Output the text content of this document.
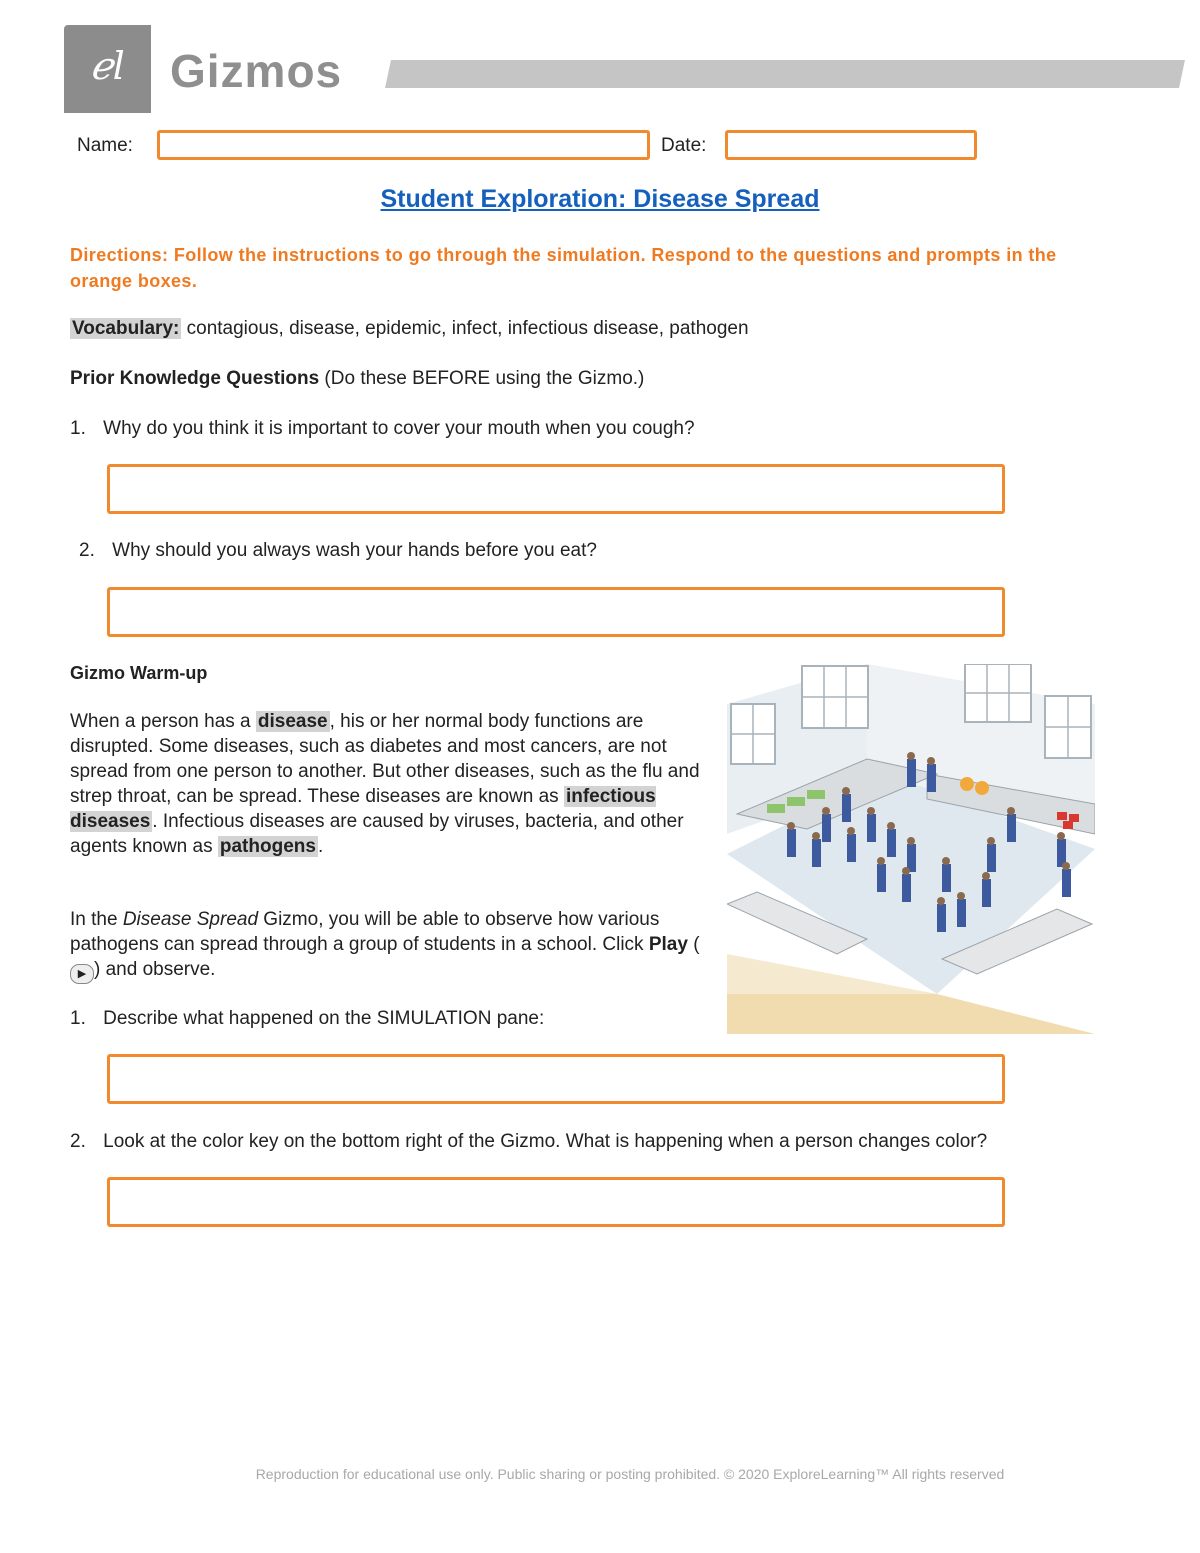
ℯl Gizmos
Name:	Date:
Student Exploration: Disease Spread
Directions: Follow the instructions to go through the simulation. Respond to the questions and prompts in the orange boxes.
Vocabulary: contagious, disease, epidemic, infect, infectious disease, pathogen
Prior Knowledge Questions (Do these BEFORE using the Gizmo.)
1. Why do you think it is important to cover your mouth when you cough?
2. Why should you always wash your hands before you eat?
Gizmo Warm-up
When a person has a disease , his or her normal body functions are disrupted. Some diseases, such as diabetes and most cancers, are not spread from one person to another. But other diseases, such as the flu and strep throat, can be spread. These diseases are known as infectious diseases . Infectious diseases are caused by viruses, bacteria, and other agents known as pathogens .
In the Disease Spread Gizmo, you will be able to observe how various pathogens can spread through a group of students in a school. Click Play (▶ ) and observe.
1. Describe what happened on the SIMULATION pane:
2. Look at the color key on the bottom right of the Gizmo. What is happening when a person changes color?
Reproduction for educational use only. Public sharing or posting prohibited. © 2020 ExploreLearning™ All rights reserved
